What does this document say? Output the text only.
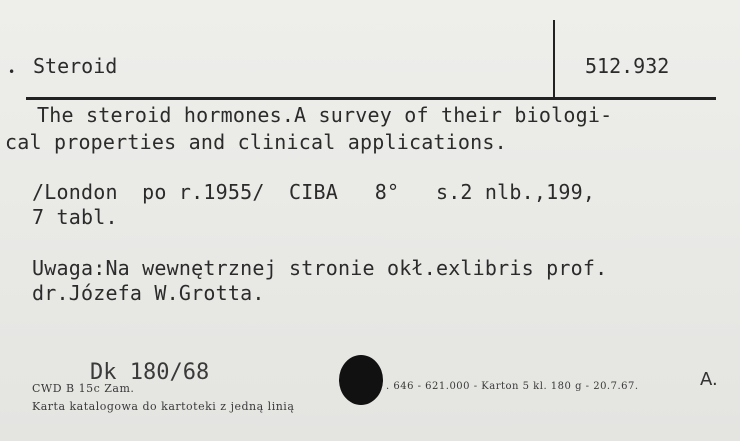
• Steroid	512.932
The steroid hormones.A survey of their biologi-
cal properties and clinical applications.
/London  po r.1955/  CIBA   8°   s.2 nlb.,199,
7 tabl.
Uwaga:Na wewnętrznej stronie okł.exlibris prof.
dr.Józefa W.Grotta.
CWD B 15c Zam.
Dk 180/68
Karta katalogowa do kartoteki z jedną linią
. 646 - 621.000 - Karton 5 kl. 180 g - 20.7.67.	A.
